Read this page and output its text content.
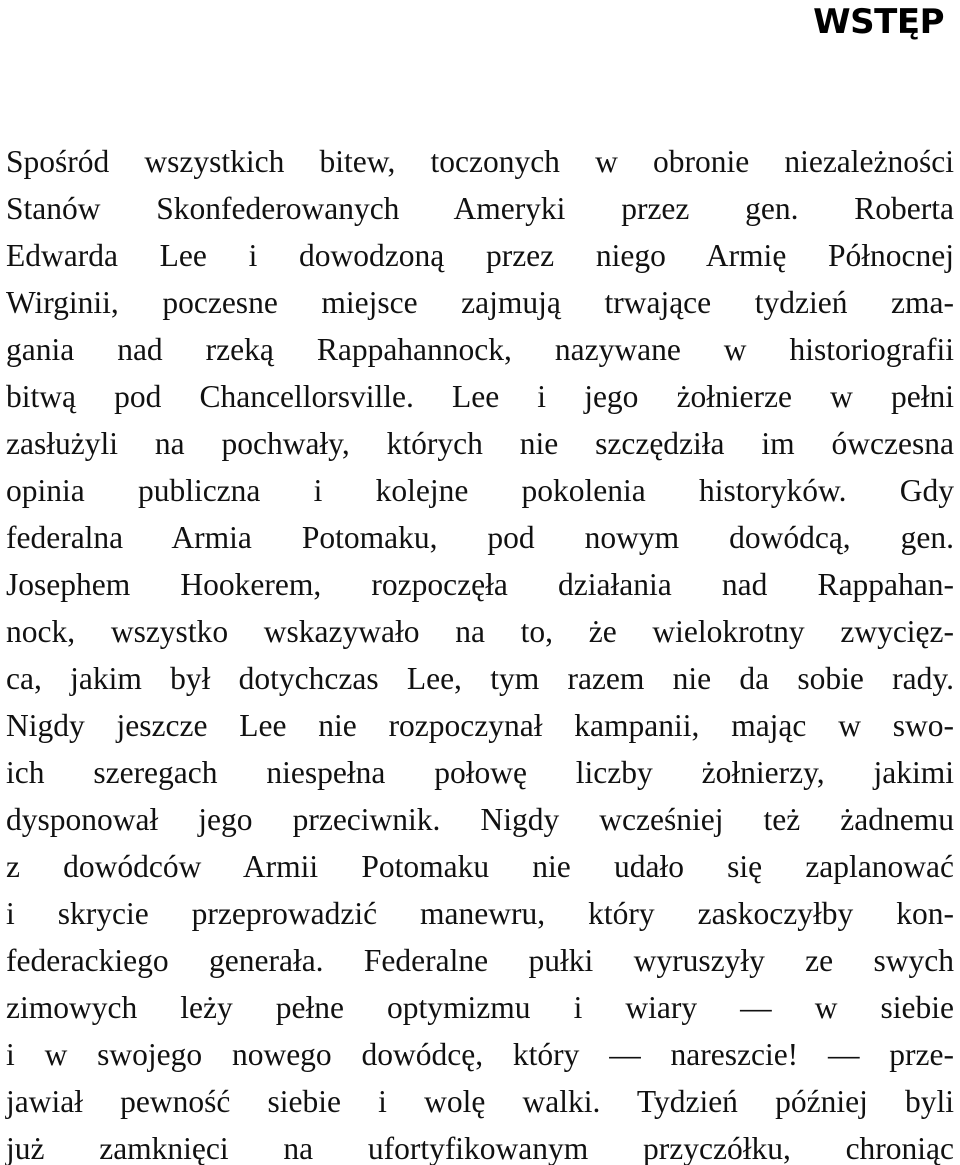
WSTĘP
Spośród wszystkich bitew, toczonych w obronie niezależności
Stanów Skonfederowanych Ameryki przez gen. Roberta
Edwarda Lee i dowodzoną przez niego Armię Północnej
Wirginii, poczesne miejsce zajmują trwające tydzień zma-
gania nad rzeką Rappahannock, nazywane w historiografii
bitwą pod Chancellorsville. Lee i jego żołnierze w pełni
zasłużyli na pochwały, których nie szczędziła im ówczesna
opinia publiczna i kolejne pokolenia historyków. Gdy
federalna Armia Potomaku, pod nowym dowódcą, gen.
Josephem Hookerem, rozpoczęła działania nad Rappahan-
nock, wszystko wskazywało na to, że wielokrotny zwycięz-
ca, jakim był dotychczas Lee, tym razem nie da sobie rady.
Nigdy jeszcze Lee nie rozpoczynał kampanii, mając w swo-
ich szeregach niespełna połowę liczby żołnierzy, jakimi
dysponował jego przeciwnik. Nigdy wcześniej też żadnemu
z dowódców Armii Potomaku nie udało się zaplanować
i skrycie przeprowadzić manewru, który zaskoczyłby kon-
federackiego generała. Federalne pułki wyruszyły ze swych
zimowych leży pełne optymizmu i wiary — w siebie
i w swojego nowego dowódcę, który — nareszcie! — prze-
jawiał pewność siebie i wolę walki. Tydzień później byli
już zamknięci na ufortyfikowanym przyczółku, chroniąc
